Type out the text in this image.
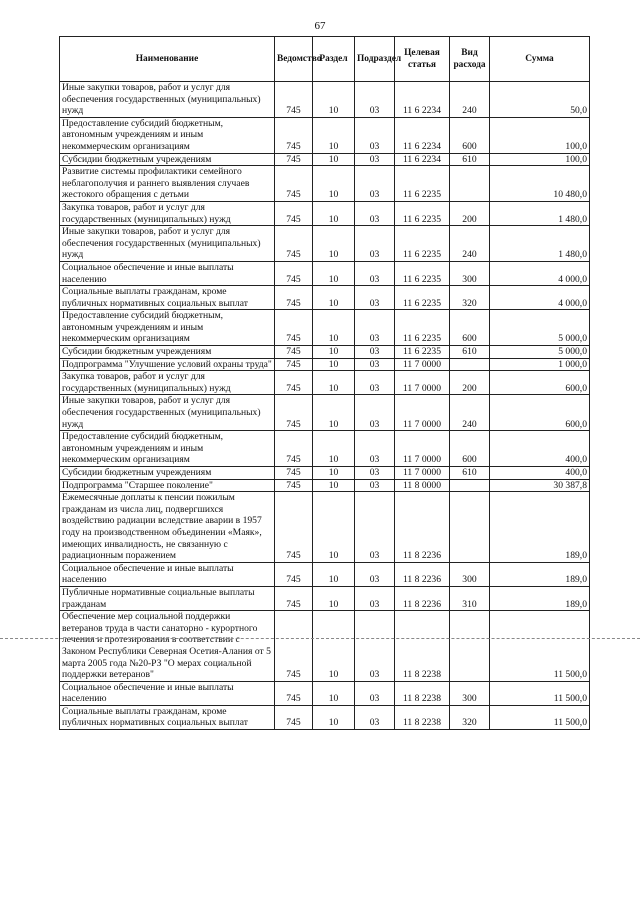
67
Наименование	Ведомство	Раздел	Подраздел	Целевая статья	Вид расхода	Сумма
Иные закупки товаров, работ и услуг для обеспечения государственных (муниципальных) нужд	745	10	03	11 6 2234	240	50,0
Предоставление субсидий бюджетным, автономным учреждениям и иным некоммерческим организациям	745	10	03	11 6 2234	600	100,0
Субсидии бюджетным учреждениям	745	10	03	11 6 2234	610	100,0
Развитие системы профилактики семейного неблагополучия и раннего выявления случаев жестокого обращения с детьми	745	10	03	11 6 2235		10 480,0
Закупка товаров, работ и услуг для государственных (муниципальных) нужд	745	10	03	11 6 2235	200	1 480,0
Иные закупки товаров, работ и услуг для обеспечения государственных (муниципальных) нужд	745	10	03	11 6 2235	240	1 480,0
Социальное обеспечение и иные выплаты населению	745	10	03	11 6 2235	300	4 000,0
Социальные выплаты гражданам, кроме публичных нормативных социальных выплат	745	10	03	11 6 2235	320	4 000,0
Предоставление субсидий бюджетным, автономным учреждениям и иным некоммерческим организациям	745	10	03	11 6 2235	600	5 000,0
Субсидии бюджетным учреждениям	745	10	03	11 6 2235	610	5 000,0
Подпрограмма "Улучшение условий охраны труда"	745	10	03	11 7 0000		1 000,0
Закупка товаров, работ и услуг для государственных (муниципальных) нужд	745	10	03	11 7 0000	200	600,0
Иные закупки товаров, работ и услуг для обеспечения государственных (муниципальных) нужд	745	10	03	11 7 0000	240	600,0
Предоставление субсидий бюджетным, автономным учреждениям и иным некоммерческим организациям	745	10	03	11 7 0000	600	400,0
Субсидии бюджетным учреждениям	745	10	03	11 7 0000	610	400,0
Подпрограмма "Старшее поколение"	745	10	03	11 8 0000		30 387,8
Ежемесячные доплаты к пенсии пожилым гражданам из числа лиц, подвергшихся воздействию радиации вследствие аварии в 1957 году на производственном объединении «Маяк», имеющих инвалидность, не связанную с радиационным поражением	745	10	03	11 8 2236		189,0
Социальное обеспечение и иные выплаты населению	745	10	03	11 8 2236	300	189,0
Публичные нормативные социальные выплаты гражданам	745	10	03	11 8 2236	310	189,0
Обеспечение мер социальной поддержки ветеранов труда в части санаторно - курортного лечения и протезирования в соответствии с Законом Республики Северная Осетия-Алания от 5 марта 2005 года №20-РЗ "О мерах социальной поддержки ветеранов"	745	10	03	11 8 2238		11 500,0
Социальное обеспечение и иные выплаты населению	745	10	03	11 8 2238	300	11 500,0
Социальные выплаты гражданам, кроме публичных нормативных социальных выплат	745	10	03	11 8 2238	320	11 500,0
